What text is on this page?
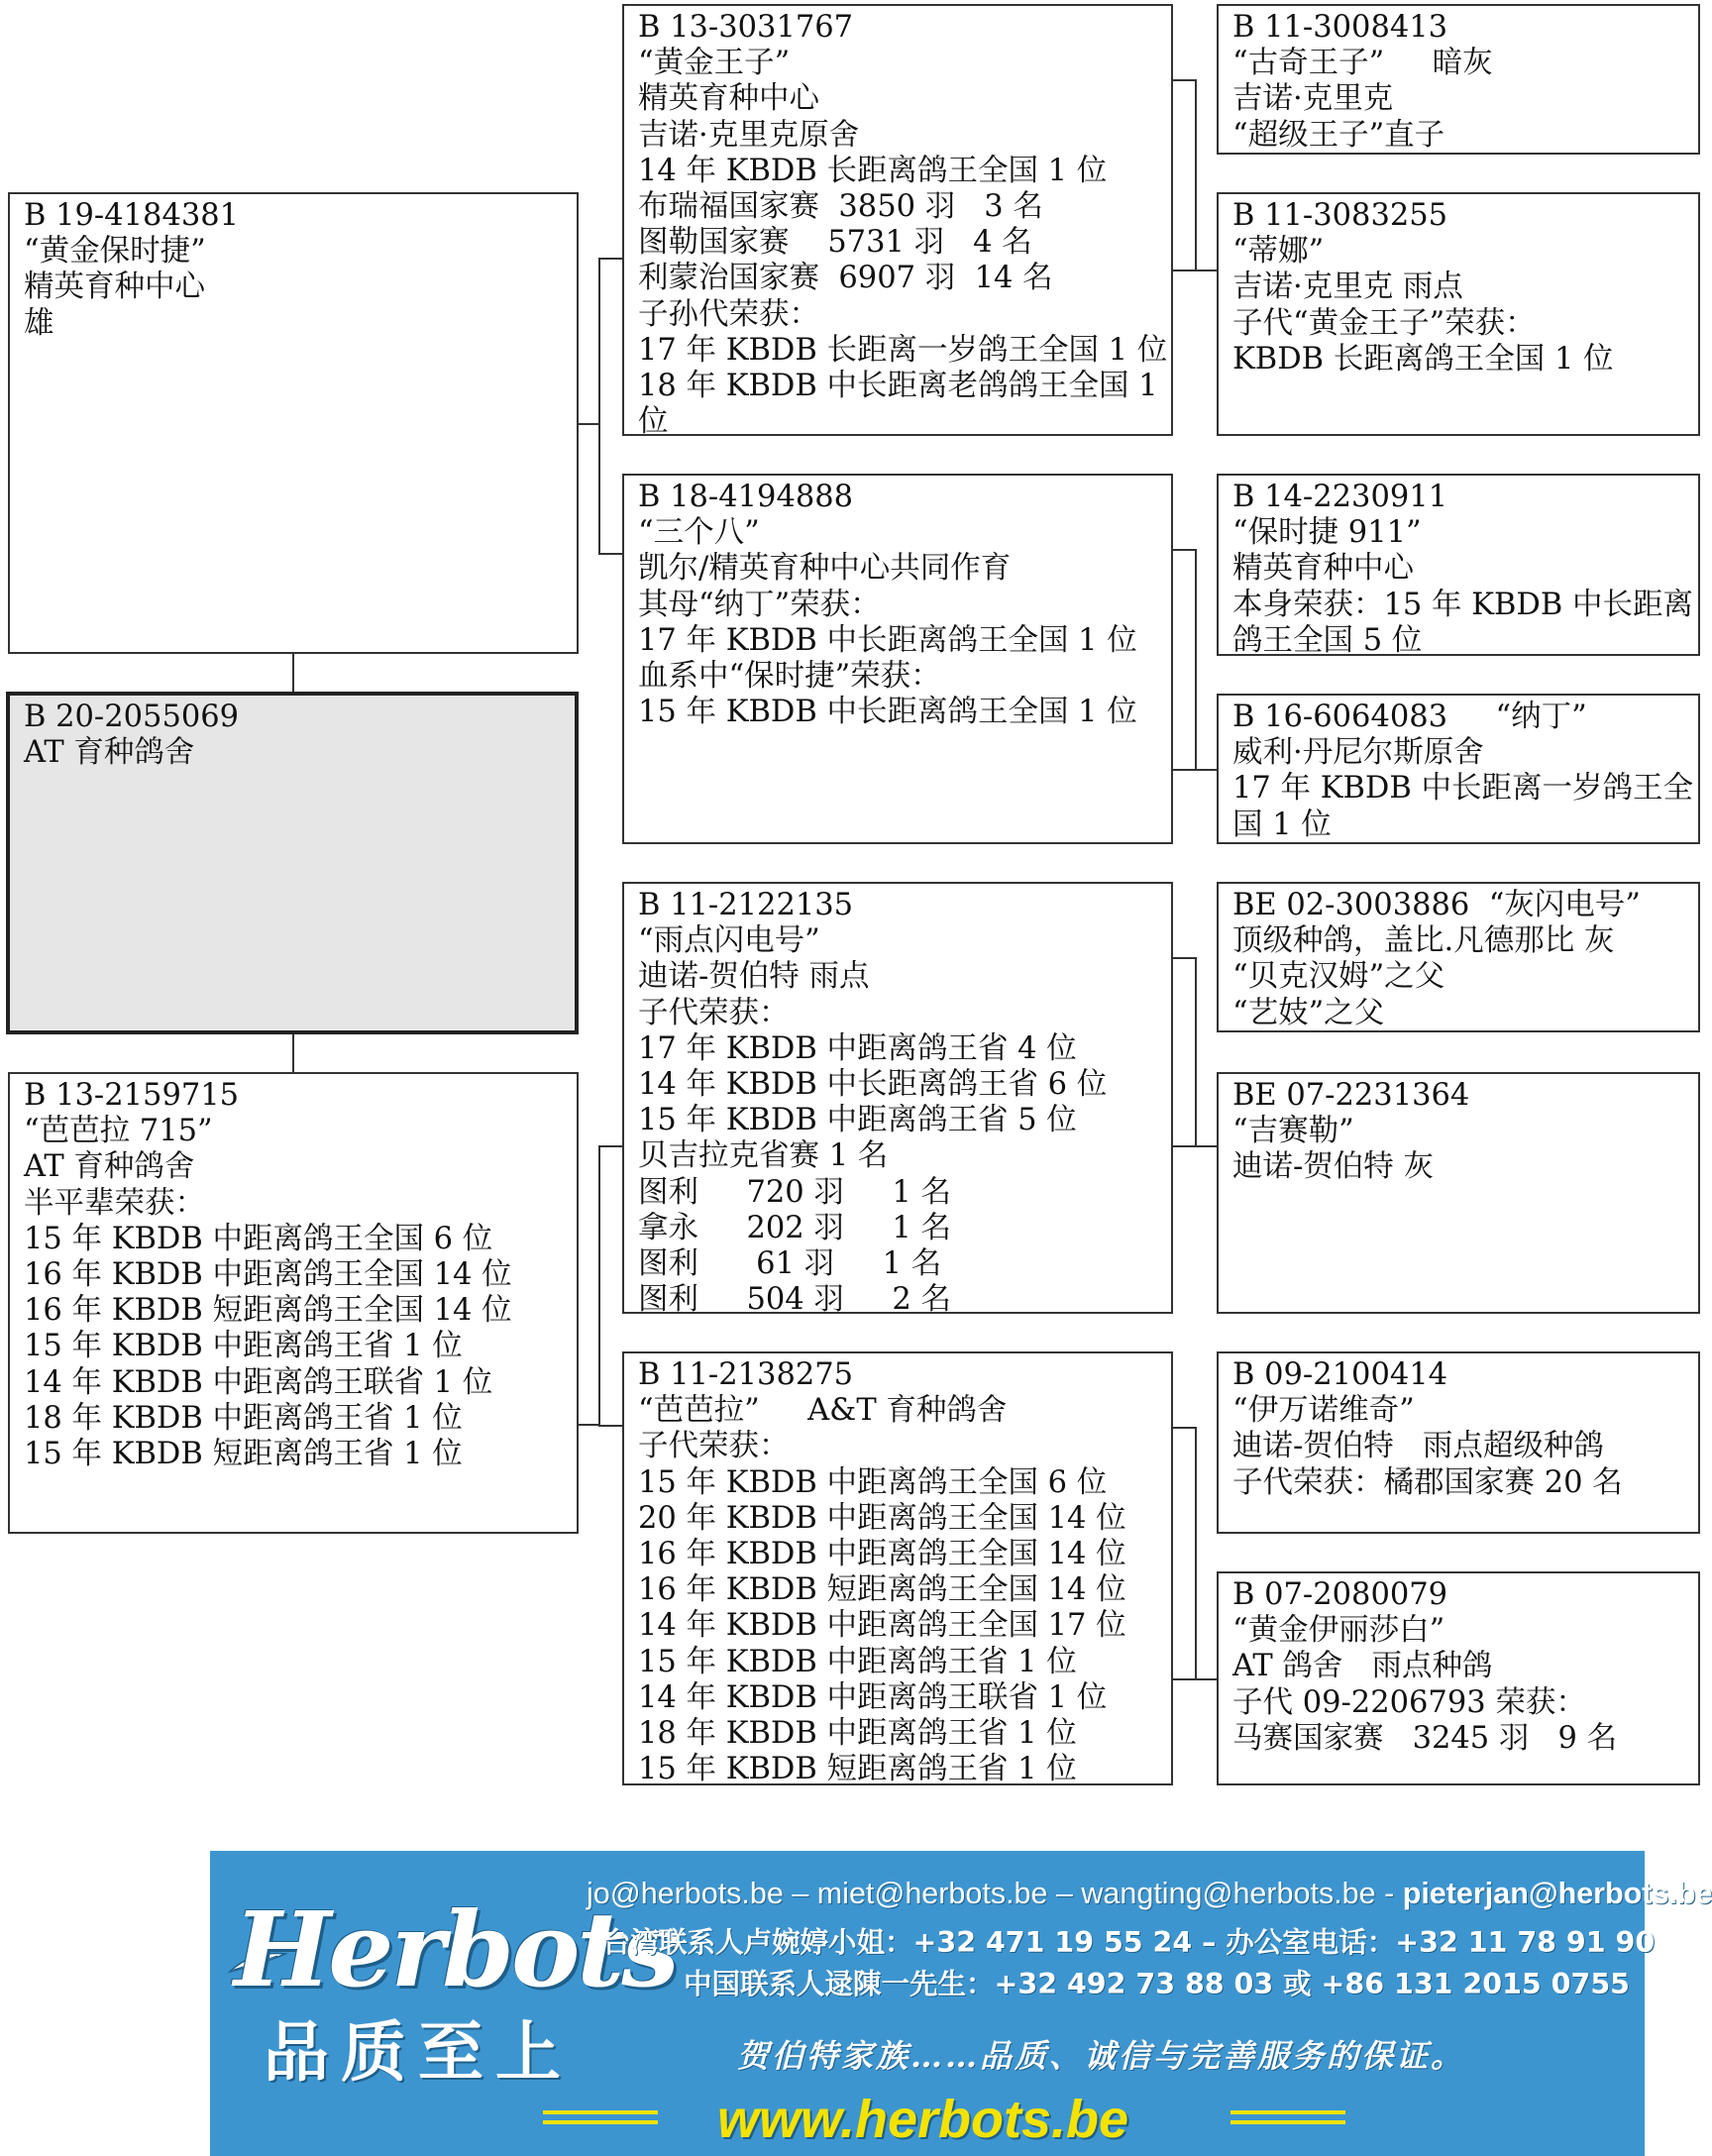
B 19-4184381
“黄金保时捷”
精英育种中心
雄
B 20-2055069
AT 育种鸽舍
B 13-2159715
“芭芭拉 715”
AT 育种鸽舍
半平辈荣获：
15 年 KBDB 中距离鸽王全国 6 位
16 年 KBDB 中距离鸽王全国 14 位
16 年 KBDB 短距离鸽王全国 14 位
15 年 KBDB 中距离鸽王省 1 位
14 年 KBDB 中距离鸽王联省 1 位
18 年 KBDB 中距离鸽王省 1 位
15 年 KBDB 短距离鸽王省 1 位
B 13-3031767
“黄金王子”
精英育种中心
吉诺·克里克原舍
14 年 KBDB 长距离鸽王全国 1 位
布瑞福国家赛  3850 羽   3 名
图勒国家赛    5731 羽   4 名
利蒙治国家赛  6907 羽  14 名
子孙代荣获：
17 年 KBDB 长距离一岁鸽王全国 1 位
18 年 KBDB 中长距离老鸽鸽王全国 1
位
B 18-4194888
“三个八”
凯尔/精英育种中心共同作育
其母“纳丁”荣获：
17 年 KBDB 中长距离鸽王全国 1 位
血系中“保时捷”荣获：
15 年 KBDB 中长距离鸽王全国 1 位
B 11-2122135
“雨点闪电号”
迪诺-贺伯特 雨点
子代荣获：
17 年 KBDB 中距离鸽王省 4 位
14 年 KBDB 中长距离鸽王省 6 位
15 年 KBDB 中距离鸽王省 5 位
贝吉拉克省赛 1 名
图利     720 羽     1 名
拿永     202 羽     1 名
图利      61 羽     1 名
图利     504 羽     2 名
B 11-2138275
“芭芭拉”     A&T 育种鸽舍
子代荣获：
15 年 KBDB 中距离鸽王全国 6 位
20 年 KBDB 中距离鸽王全国 14 位
16 年 KBDB 中距离鸽王全国 14 位
16 年 KBDB 短距离鸽王全国 14 位
14 年 KBDB 中距离鸽王全国 17 位
15 年 KBDB 中距离鸽王省 1 位
14 年 KBDB 中距离鸽王联省 1 位
18 年 KBDB 中距离鸽王省 1 位
15 年 KBDB 短距离鸽王省 1 位
B 11-3008413
“古奇王子”     暗灰
吉诺·克里克
“超级王子”直子
B 11-3083255
“蒂娜”
吉诺·克里克 雨点
子代“黄金王子”荣获：
KBDB 长距离鸽王全国 1 位
B 14-2230911
“保时捷 911”
精英育种中心
本身荣获：15 年 KBDB 中长距离
鸽王全国 5 位
B 16-6064083     “纳丁”
威利·丹尼尔斯原舍
17 年 KBDB 中长距离一岁鸽王全
国 1 位
BE 02-3003886  “灰闪电号”
顶级种鸽，盖比.凡德那比 灰
“贝克汉姆”之父
“艺妓”之父
BE 07-2231364
“吉赛勒”
迪诺-贺伯特 灰
B 09-2100414
“伊万诺维奇”
迪诺-贺伯特   雨点超级种鸽
子代荣获：橘郡国家赛 20 名
B 07-2080079
“黄金伊丽莎白”
AT 鸽舍   雨点种鸽
子代 09-2206793 荣获：
马赛国家赛   3245 羽   9 名
Herbots
品质至上
jo@herbots.be – miet@herbots.be – wangting@herbots.be - pieterjan@herbots.be
台湾联系人卢婉婷小姐：+32 471 19 55 24 – 办公室电话：+32 11 78 91 90
中国联系人逯陳一先生：+32 492 73 88 03 或 +86 131 2015 0755
贺伯特家族……品质、诚信与完善服务的保证。
www.herbots.be
